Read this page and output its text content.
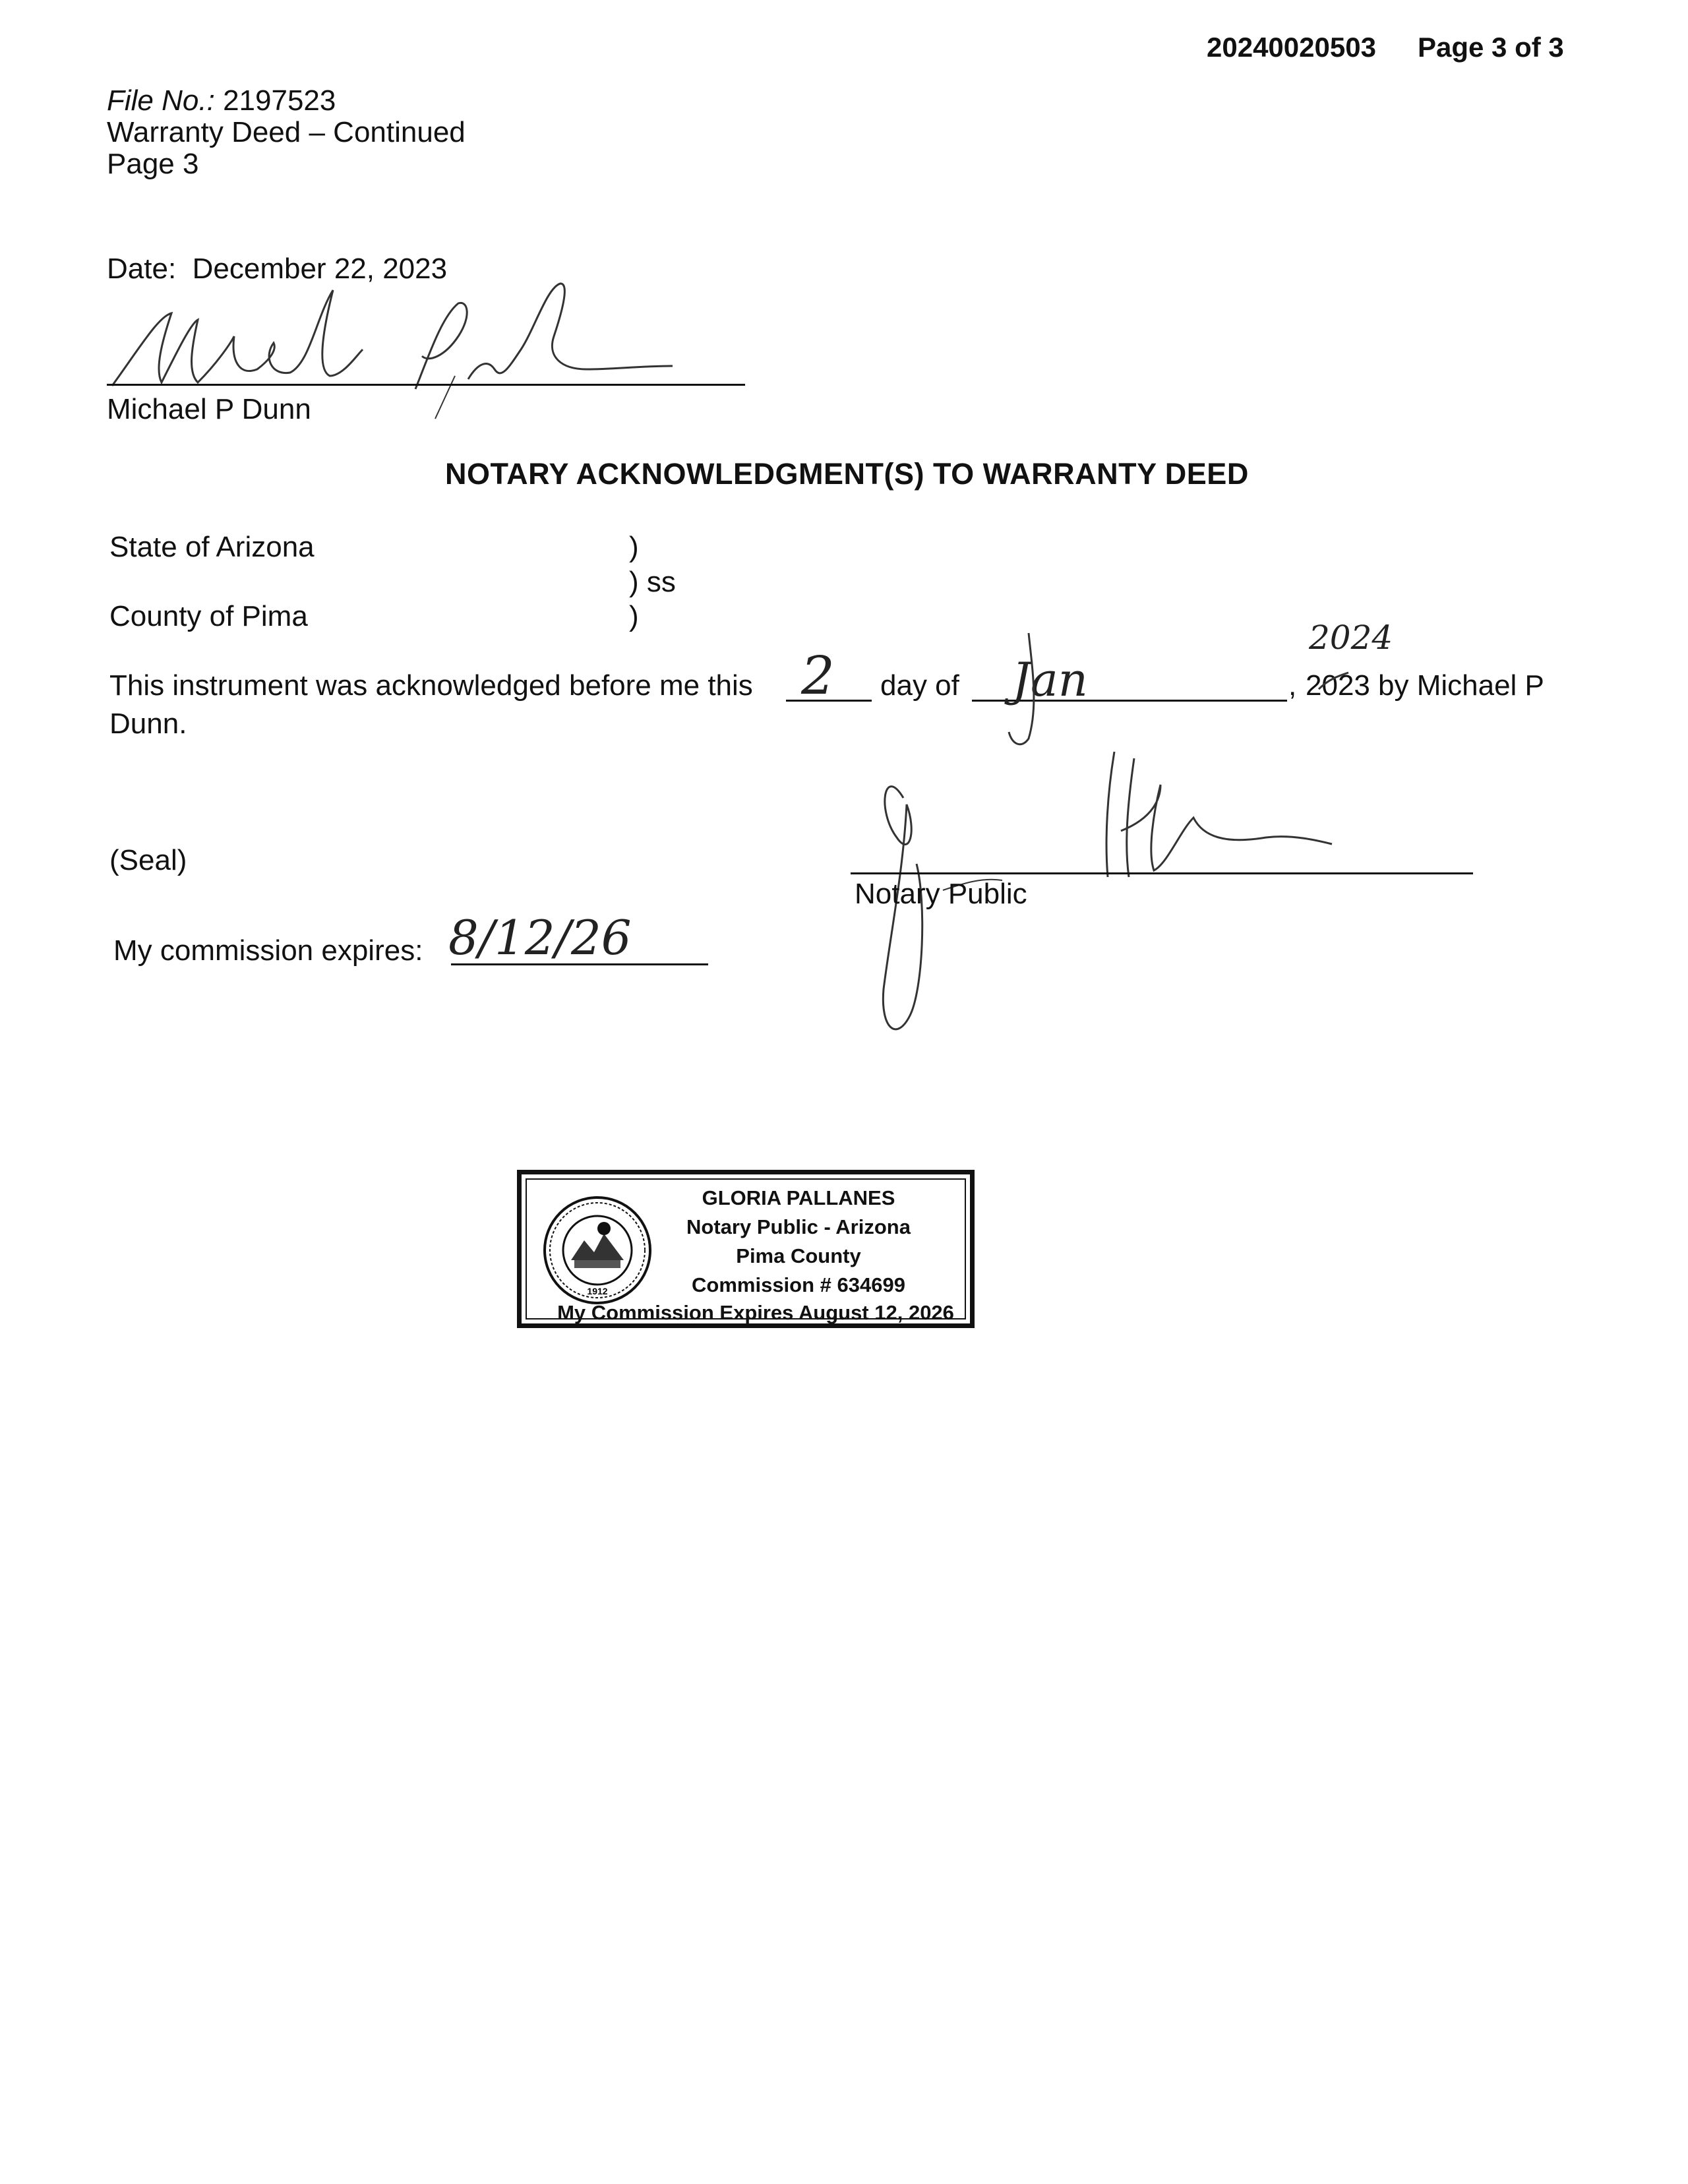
20240020503 Page 3 of 3
File No.: 2197523
Warranty Deed – Continued
Page 3
Date: December 22, 2023
Michael P Dunn
NOTARY ACKNOWLEDGMENT(S) TO WARRANTY DEED
State of Arizona	)
) ss
County of Pima	)
This instrument was acknowledged before me this 2 day of Jan	, 2023
2024
by Michael P
Dunn.
(Seal)
Notary Public
My commission expires: 8/12/26
1912
GLORIA PALLANES
Notary Public - Arizona
Pima County
Commission # 634699
My Commission Expires August 12, 2026
